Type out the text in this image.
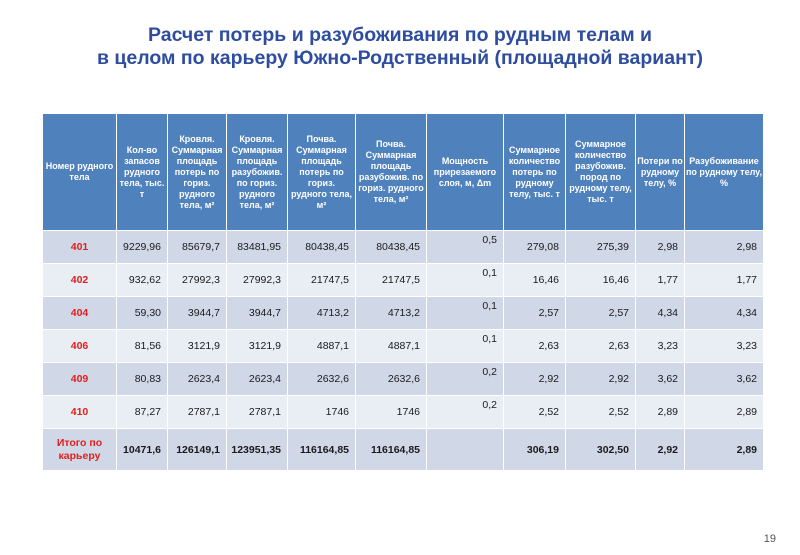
Расчет потерь и разубоживания по рудным телам и
в целом по карьеру Южно-Родственный (площадной вариант)
Номер рудного тела	Кол-во запасов рудного тела, тыс. т	Кровля. Суммарная площадь потерь по гориз. рудного тела, м²	Кровля. Суммарная площадь разубожив. по гориз. рудного тела, м²	Почва. Суммарная площадь потерь по гориз. рудного тела, м²	Почва. Суммарная площадь разубожив. по гориз. рудного тела, м²	Мощность прирезаемого слоя, м, Δm	Суммарное количество потерь по рудному телу, тыс. т	Суммарное количество разубожив. пород по рудному телу, тыс. т	Потери по рудному телу, %	Разубоживание по рудному телу, %
401	9229,96	85679,7	83481,95	80438,45	80438,45	0,5	279,08	275,39	2,98	2,98
402	932,62	27992,3	27992,3	21747,5	21747,5	0,1	16,46	16,46	1,77	1,77
404	59,30	3944,7	3944,7	4713,2	4713,2	0,1	2,57	2,57	4,34	4,34
406	81,56	3121,9	3121,9	4887,1	4887,1	0,1	2,63	2,63	3,23	3,23
409	80,83	2623,4	2623,4	2632,6	2632,6	0,2	2,92	2,92	3,62	3,62
410	87,27	2787,1	2787,1	1746	1746	0,2	2,52	2,52	2,89	2,89
Итого по карьеру	10471,6	126149,1	123951,35	116164,85	116164,85		306,19	302,50	2,92	2,89
19
